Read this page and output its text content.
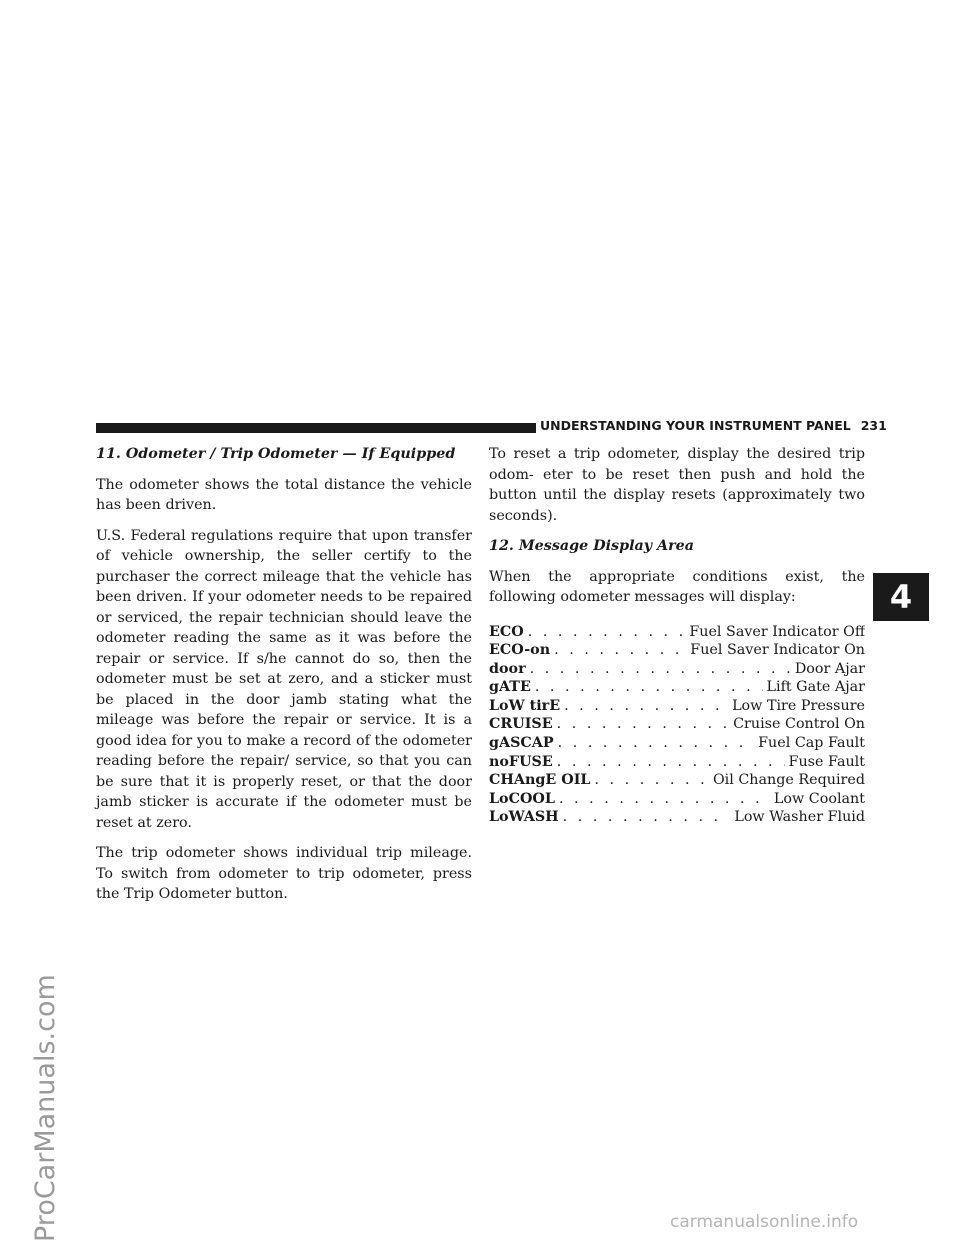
ProCarManuals.com
UNDERSTANDING YOUR INSTRUMENT PANEL 231
4

11. Odometer / Trip Odometer — If Equipped

The odometer shows the total distance the vehicle has been driven.

U.S. Federal regulations require that upon transfer of vehicle ownership, the seller certify to the purchaser the correct mileage that the vehicle has been driven. If your odometer needs to be repaired or serviced, the repair technician should leave the odometer reading the same as it was before the repair or service. If s/he cannot do so, then the odometer must be set at zero, and a sticker must be placed in the door jamb stating what the mileage was before the repair or service. It is a good idea for you to make a record of the odometer reading before the repair/ service, so that you can be sure that it is properly reset, or that the door jamb sticker is accurate if the odometer must be reset at zero.

The trip odometer shows individual trip mileage. To switch from odometer to trip odometer, press the Trip Odometer button.

To reset a trip odometer, display the desired trip odom- eter to be reset then push and hold the button until the display resets (approximately two seconds).

12. Message Display Area

When the appropriate conditions exist, the following odometer messages will display:

ECO . . .	Fuel Saver Indicator Off
ECO-on . . .	Fuel Saver Indicator On
door . . .	Door Ajar
gATE . . .	Lift Gate Ajar
LoW tirE . . .	Low Tire Pressure
CRUISE . . .	Cruise Control On
gASCAP . . .	Fuel Cap Fault
noFUSE . . .	Fuse Fault
CHAngE OIL . . .	Oil Change Required
LoCOOL . . .	Low Coolant
LoWASH . . .	Low Washer Fluid
carmanualsonline.info
